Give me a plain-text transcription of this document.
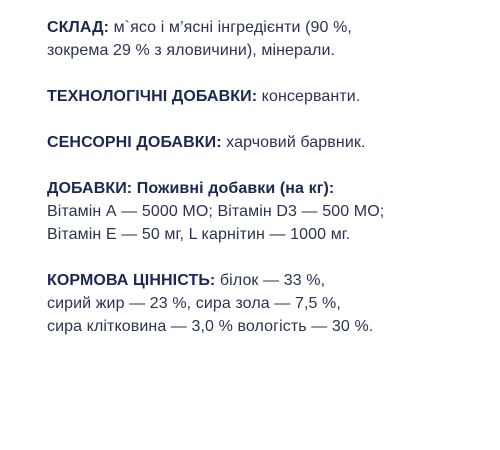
СКЛАД: м`ясо і м’ясні інгредієнти (90 %,
зокрема 29 % з яловичини), мінерали.

ТЕХНОЛОГІЧНІ ДОБАВКИ: консерванти.

СЕНСОРНІ ДОБАВКИ: харчовий барвник.

ДОБАВКИ: Поживні добавки (на кг):
Вітамін А — 5000 МО; Вітамін D3 — 500 МО;
Вітамін Е — 50 мг, L карнітин — 1000 мг.

КОРМОВА ЦІННІСТЬ: білок — 33 %,
сирий жир — 23 %, сира зола — 7,5 %,
сира клітковина — 3,0 % вологість — 30 %.
